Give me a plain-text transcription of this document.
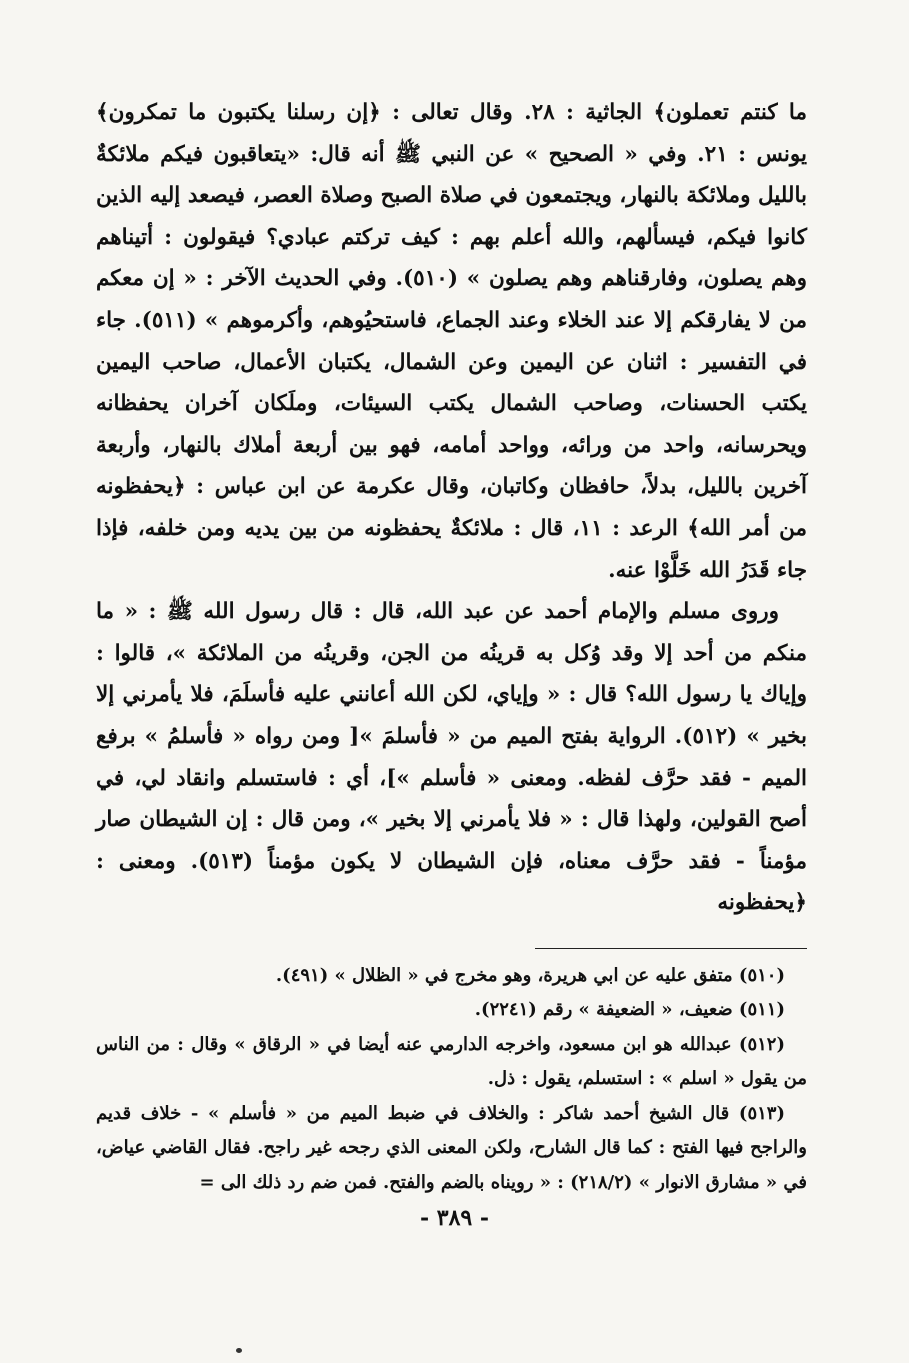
ما كنتم تعملون﴾ الجاثية : ٢٨. وقال تعالى : ﴿إن رسلنا يكتبون ما تمكرون﴾ يونس : ٢١. وفي « الصحيح » عن النبي ﷺ أنه قال: «يتعاقبون فيكم ملائكةٌ بالليل وملائكة بالنهار، ويجتمعون في صلاة الصبح وصلاة العصر، فيصعد إليه الذين كانوا فيكم، فيسألهم، والله أعلم بهم : كيف تركتم عبادي؟ فيقولون : أتيناهم وهم يصلون، وفارقناهم وهم يصلون » (٥١٠). وفي الحديث الآخر : « إن معكم من لا يفارقكم إلا عند الخلاء وعند الجماع، فاستحيُوهم، وأكرموهم » (٥١١). جاء في التفسير : اثنان عن اليمين وعن الشمال، يكتبان الأعمال، صاحب اليمين يكتب الحسنات، وصاحب الشمال يكتب السيئات، وملَكان آخران يحفظانه ويحرسانه، واحد من ورائه، وواحد أمامه، فهو بين أربعة أملاك بالنهار، وأربعة آخرين بالليل، بدلاً، حافظان وكاتبان، وقال عكرمة عن ابن عباس : ﴿يحفظونه من أمر الله﴾ الرعد : ١١، قال : ملائكةٌ يحفظونه من بين يديه ومن خلفه، فإذا جاء قَدَرُ الله خَلَّوْا عنه.

وروى مسلم والإمام أحمد عن عبد الله، قال : قال رسول الله ﷺ : « ما منكم من أحد إلا وقد وُكل به قرينُه من الجن، وقرينُه من الملائكة »، قالوا : وإياك يا رسول الله؟ قال : « وإياي، لكن الله أعانني عليه فأسلَمَ، فلا يأمرني إلا بخير » (٥١٢). الرواية بفتح الميم من « فأسلمَ »[ ومن رواه « فأسلمُ » برفع الميم - فقد حرَّف لفظه. ومعنى « فأسلم »]، أي : فاستسلم وانقاد لي، في أصح القولين، ولهذا قال : « فلا يأمرني إلا بخير »، ومن قال : إن الشيطان صار مؤمناً - فقد حرَّف معناه، فإن الشيطان لا يكون مؤمناً (٥١٣). ومعنى : ﴿يحفظونه

(٥١٠) متفق عليه عن ابي هريرة، وهو مخرج في « الظلال » (٤٩١).

(٥١١) ضعيف، « الضعيفة » رقم (٢٢٤١).

(٥١٢) عبدالله هو ابن مسعود، واخرجه الدارمي عنه أيضا في « الرقاق » وقال : من الناس من يقول « اسلم » : استسلم، يقول : ذل.

(٥١٣) قال الشيخ أحمد شاكر : والخلاف في ضبط الميم من « فأسلم » - خلاف قديم والراجح فيها الفتح : كما قال الشارح، ولكن المعنى الذي رجحه غير راجح. فقال القاضي عياض، في « مشارق الانوار » (٢١٨/٢) : « رويناه بالضم والفتح. فمن ضم رد ذلك الى =

- ٣٨٩ -
